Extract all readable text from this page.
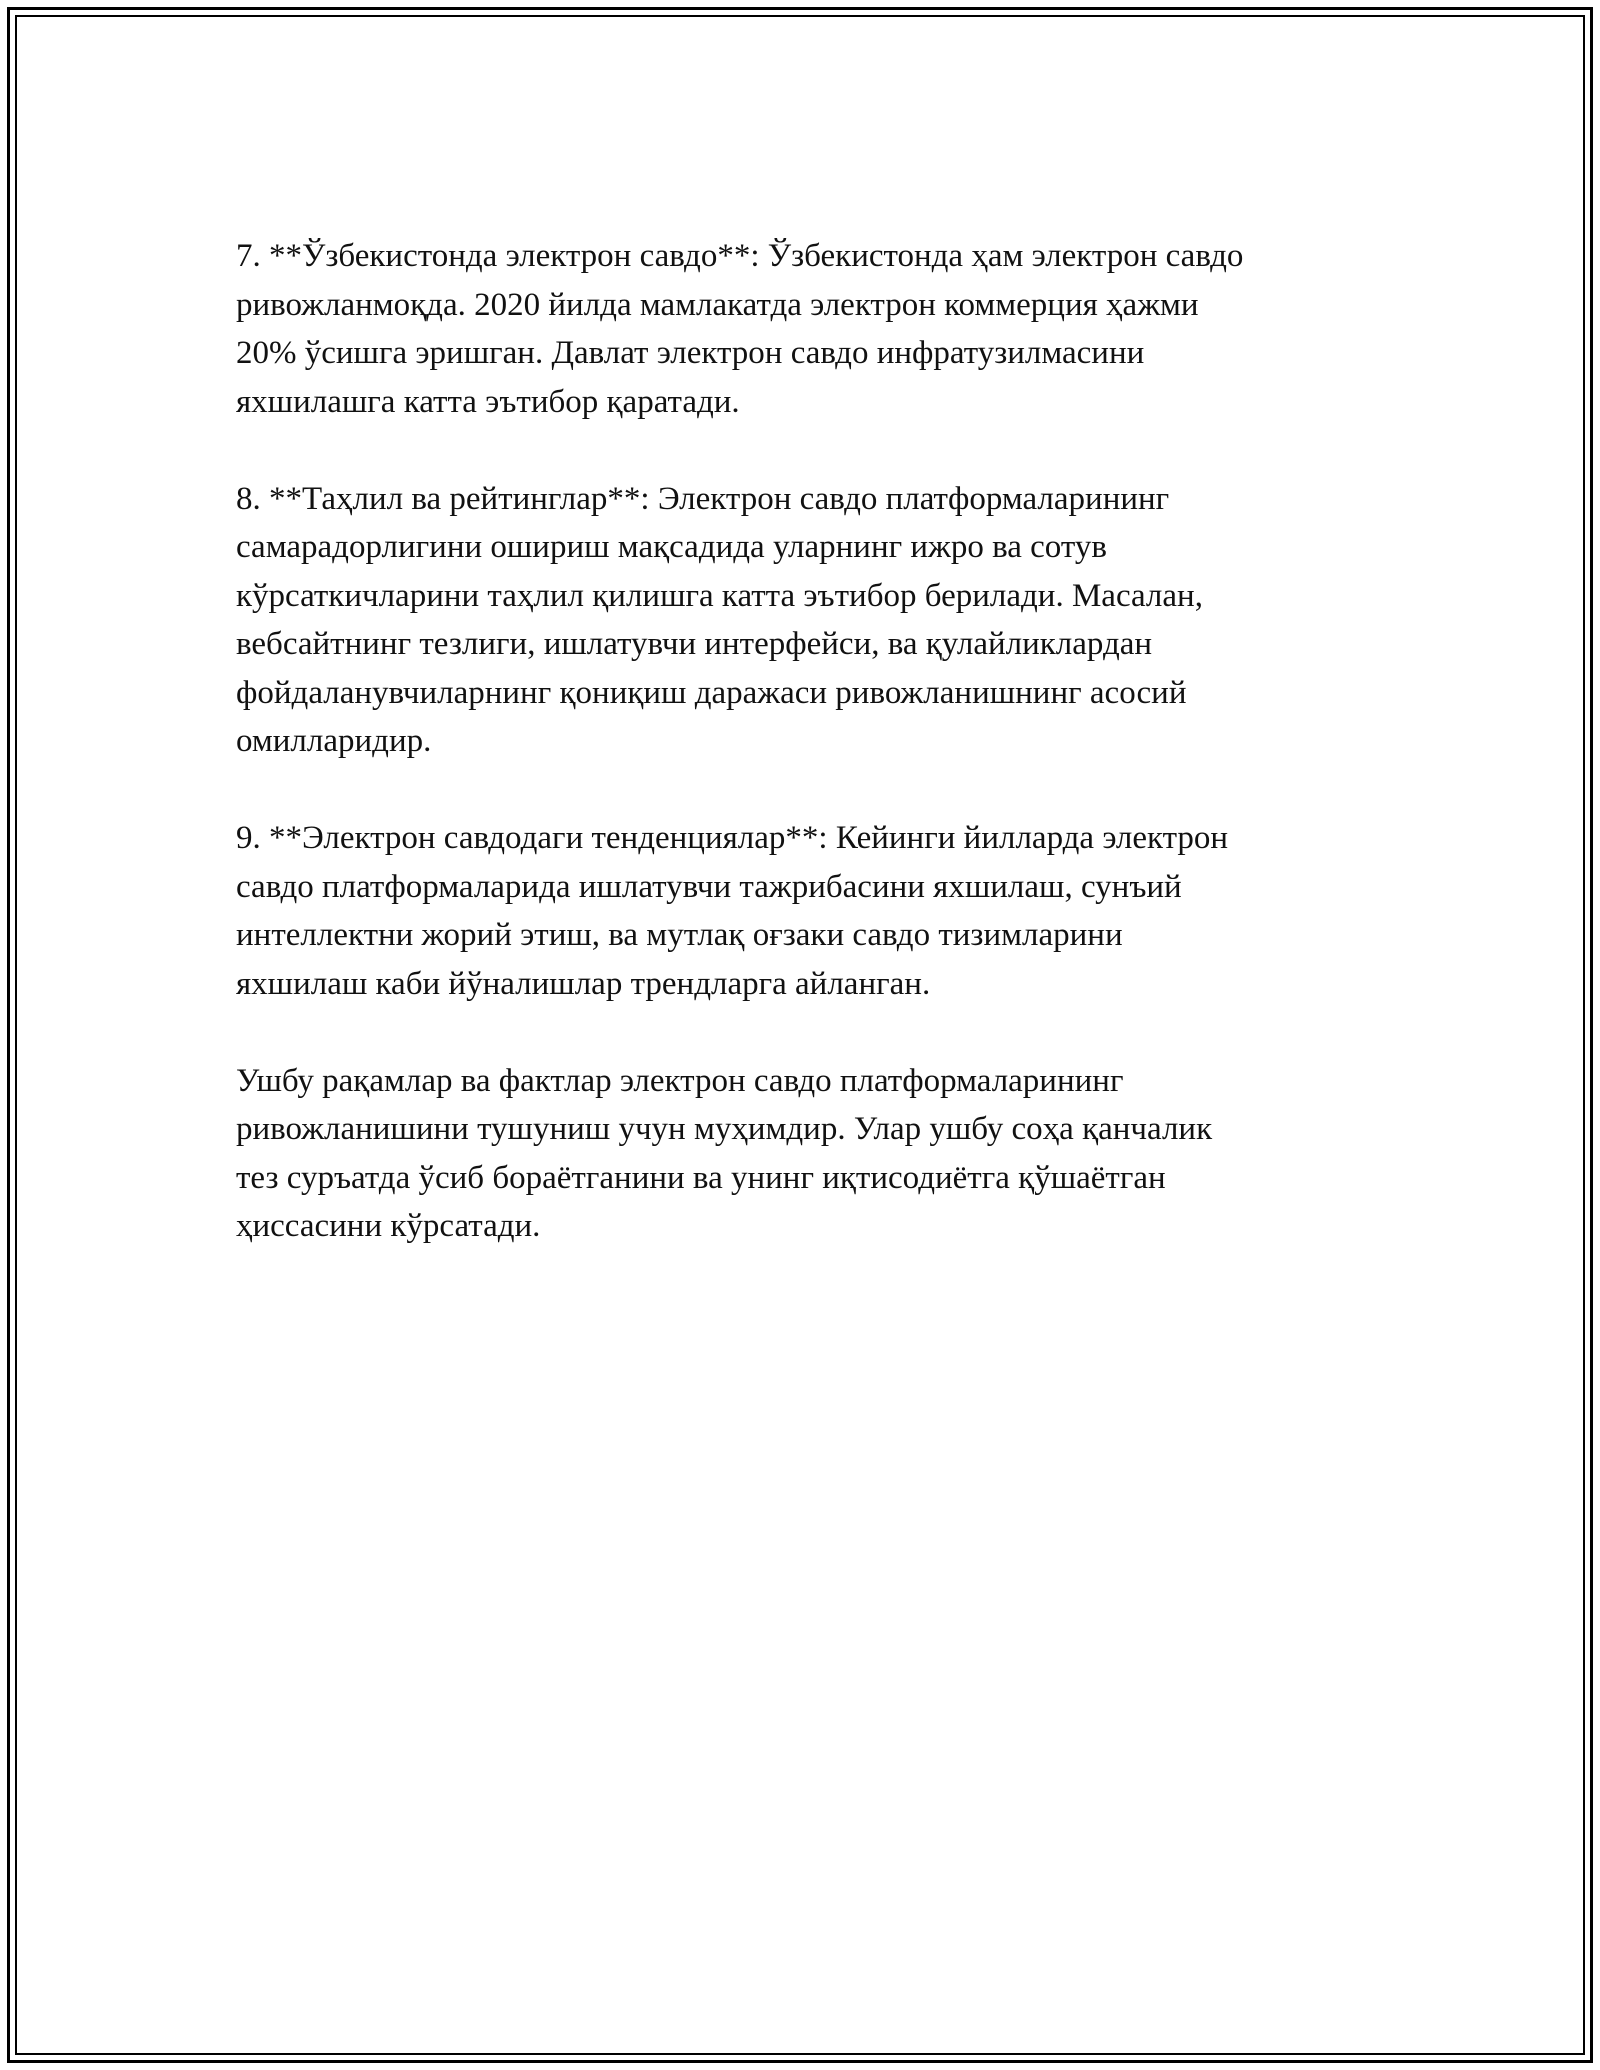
7. **Ўзбекистонда электрон савдо**: Ўзбекистонда ҳам электрон савдо
ривожланмоқда. 2020 йилда мамлакатда электрон коммерция ҳажми
20% ўсишга эришган. Давлат электрон савдо инфратузилмасини
яхшилашга катта эътибор қаратади.

8. **Таҳлил ва рейтинглар**: Электрон савдо платформаларининг
самарадорлигини ошириш мақсадида уларнинг ижро ва сотув
кўрсаткичларини таҳлил қилишга катта эътибор берилади. Масалан,
вебсайтнинг тезлиги, ишлатувчи интерфейси, ва қулайликлардан
фойдаланувчиларнинг қониқиш даражаси ривожланишнинг асосий
омилларидир.

9. **Электрон савдодаги тенденциялар**: Кейинги йилларда электрон
савдо платформаларида ишлатувчи тажрибасини яхшилаш, сунъий
интеллектни жорий этиш, ва мутлақ оғзаки савдо тизимларини
яхшилаш каби йўналишлар трендларга айланган.

Ушбу рақамлар ва фактлар электрон савдо платформаларининг
ривожланишини тушуниш учун муҳимдир. Улар ушбу соҳа қанчалик
тез суръатда ўсиб бораётганини ва унинг иқтисодиётга қўшаётган
ҳиссасини кўрсатади.
